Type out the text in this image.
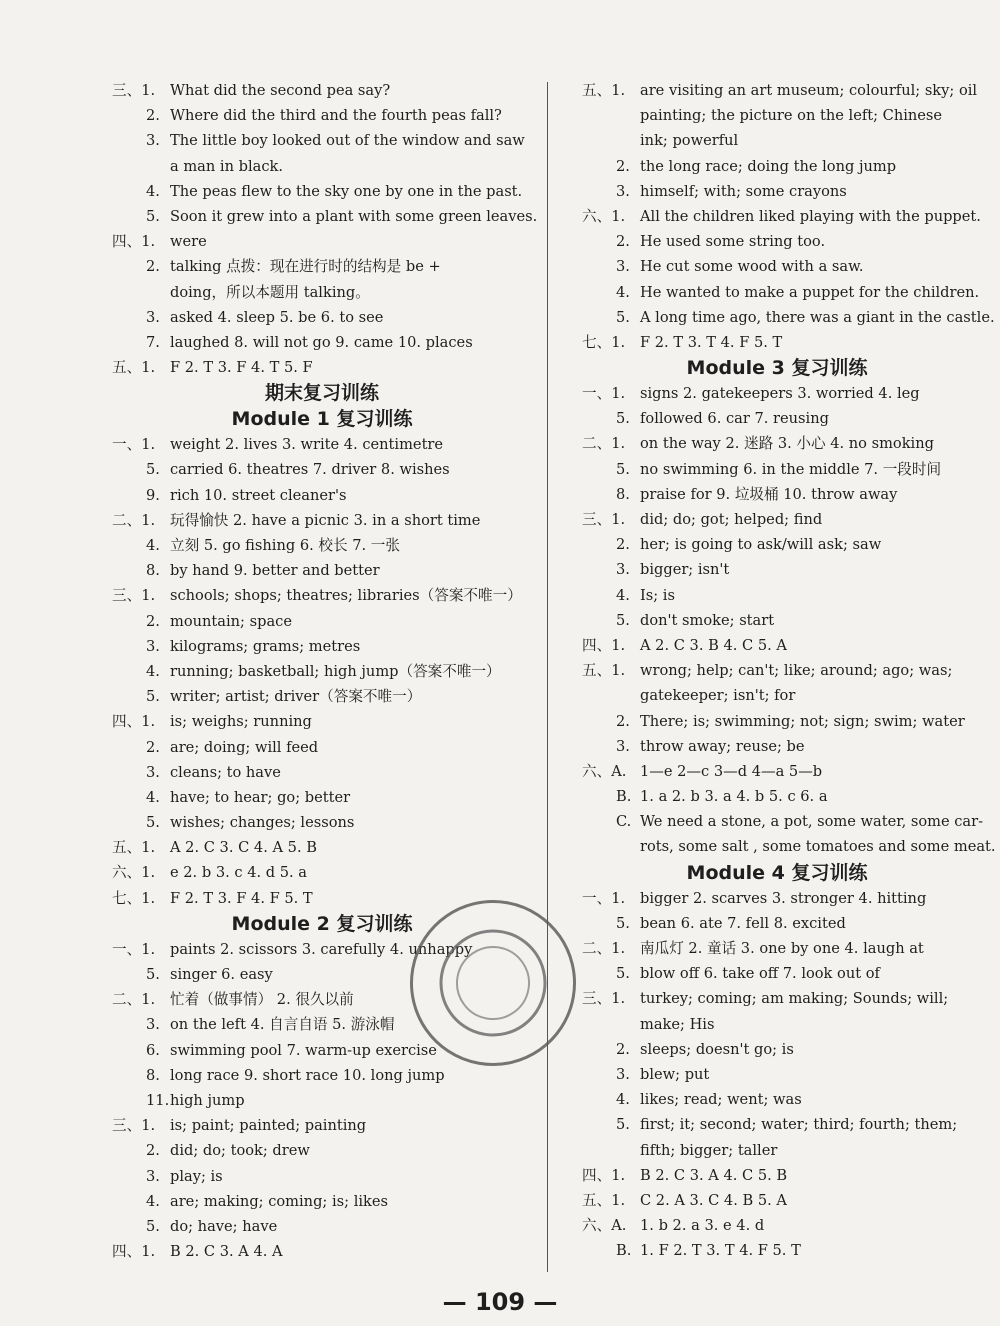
三、1. What did the second pea say?
2. Where did the third and the fourth peas fall?
3. The little boy looked out of the window and saw
a man in black.
4. The peas flew to the sky one by one in the past.
5. Soon it grew into a plant with some green leaves.
四、1. were
2. talking 点拨：现在进行时的结构是 be +
doing，所以本题用 talking。
3. asked 4. sleep 5. be 6. to see
7. laughed 8. will not go 9. came 10. places
五、1. F 2. T 3. F 4. T 5. F
期末复习训练
Module 1 复习训练
一、1. weight 2. lives 3. write 4. centimetre
5. carried 6. theatres 7. driver 8. wishes
9. rich 10. street cleaner's
二、1. 玩得愉快 2. have a picnic 3. in a short time
4. 立刻 5. go fishing 6. 校长 7. 一张
8. by hand 9. better and better
三、1. schools; shops; theatres; libraries（答案不唯一）
2. mountain; space
3. kilograms; grams; metres
4. running; basketball; high jump（答案不唯一）
5. writer; artist; driver（答案不唯一）
四、1. is; weighs; running
2. are; doing; will feed
3. cleans; to have
4. have; to hear; go; better
5. wishes; changes; lessons
五、1. A 2. C 3. C 4. A 5. B
六、1. e 2. b 3. c 4. d 5. a
七、1. F 2. T 3. F 4. F 5. T
Module 2 复习训练
一、1. paints 2. scissors 3. carefully 4. unhappy
5. singer 6. easy
二、1. 忙着（做事情） 2. 很久以前
3. on the left 4. 自言自语 5. 游泳帽
6. swimming pool 7. warm-up exercise
8. long race 9. short race 10. long jump
11. high jump
三、1. is; paint; painted; painting
2. did; do; took; drew
3. play; is
4. are; making; coming; is; likes
5. do; have; have
四、1. B 2. C 3. A 4. A
五、1. are visiting an art museum; colourful; sky; oil
painting; the picture on the left; Chinese
ink; powerful
2. the long race; doing the long jump
3. himself; with; some crayons
六、1. All the children liked playing with the puppet.
2. He used some string too.
3. He cut some wood with a saw.
4. He wanted to make a puppet for the children.
5. A long time ago, there was a giant in the castle.
七、1. F 2. T 3. T 4. F 5. T
Module 3 复习训练
一、1. signs 2. gatekeepers 3. worried 4. leg
5. followed 6. car 7. reusing
二、1. on the way 2. 迷路 3. 小心 4. no smoking
5. no swimming 6. in the middle 7. 一段时间
8. praise for 9. 垃圾桶 10. throw away
三、1. did; do; got; helped; find
2. her; is going to ask/will ask; saw
3. bigger; isn't
4. Is; is
5. don't smoke; start
四、1. A 2. C 3. B 4. C 5. A
五、1. wrong; help; can't; like; around; ago; was;
gatekeeper; isn't; for
2. There; is; swimming; not; sign; swim; water
3. throw away; reuse; be
六、A. 1—e 2—c 3—d 4—a 5—b
B. 1. a 2. b 3. a 4. b 5. c 6. a
C. We need a stone, a pot, some water, some car-
rots, some salt , some tomatoes and some meat.
Module 4 复习训练
一、1. bigger 2. scarves 3. stronger 4. hitting
5. bean 6. ate 7. fell 8. excited
二、1. 南瓜灯 2. 童话 3. one by one 4. laugh at
5. blow off 6. take off 7. look out of
三、1. turkey; coming; am making; Sounds; will;
make; His
2. sleeps; doesn't go; is
3. blew; put
4. likes; read; went; was
5. first; it; second; water; third; fourth; them;
fifth; bigger; taller
四、1. B 2. C 3. A 4. C 5. B
五、1. C 2. A 3. C 4. B 5. A
六、A. 1. b 2. a 3. e 4. d
B. 1. F 2. T 3. T 4. F 5. T
— 109 —
